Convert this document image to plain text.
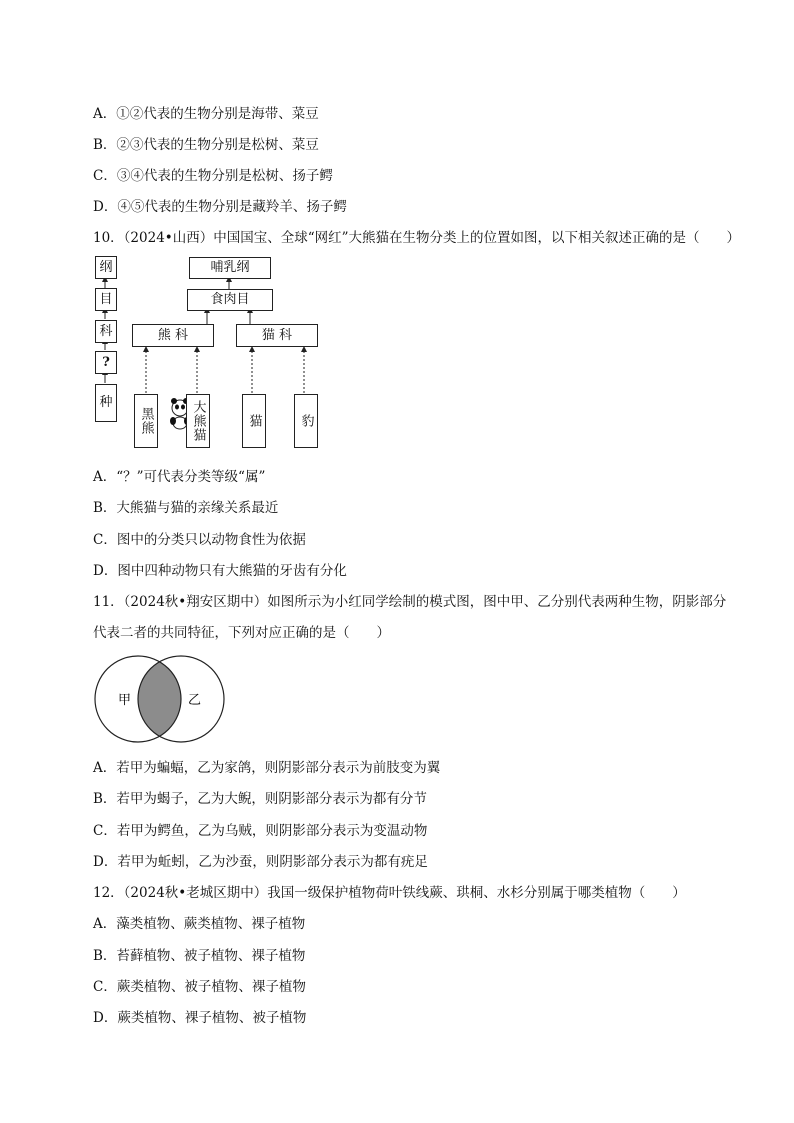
A．①②代表的生物分别是海带、菜豆
B．②③代表的生物分别是松树、菜豆
C．③④代表的生物分别是松树、扬子鳄
D．④⑤代表的生物分别是藏羚羊、扬子鳄
10．（2024•山西）中国国宝、全球“网红”大熊猫在生物分类上的位置如图，以下相关叙述正确的是（　　）
纲
目
科
?
种
哺乳纲
食肉目
熊 科	猫 科
黑熊	大熊猫	猫	豹
A．“？”可代表分类等级“属”
B．大熊猫与猫的亲缘关系最近
C．图中的分类只以动物食性为依据
D．图中四种动物只有大熊猫的牙齿有分化
11．（2024秋•翔安区期中）如图所示为小红同学绘制的模式图，图中甲、乙分别代表两种生物，阴影部分
代表二者的共同特征，下列对应正确的是（　　）
甲	乙
A．若甲为蝙蝠，乙为家鸽，则阴影部分表示为前肢变为翼
B．若甲为蝎子，乙为大鲵，则阴影部分表示为都有分节
C．若甲为鳄鱼，乙为乌贼，则阴影部分表示为变温动物
D．若甲为蚯蚓，乙为沙蚕，则阴影部分表示为都有疣足
12．（2024秋•老城区期中）我国一级保护植物荷叶铁线蕨、珙桐、水杉分别属于哪类植物（　　）
A．藻类植物、蕨类植物、裸子植物
B．苔藓植物、被子植物、裸子植物
C．蕨类植物、被子植物、裸子植物
D．蕨类植物、裸子植物、被子植物
